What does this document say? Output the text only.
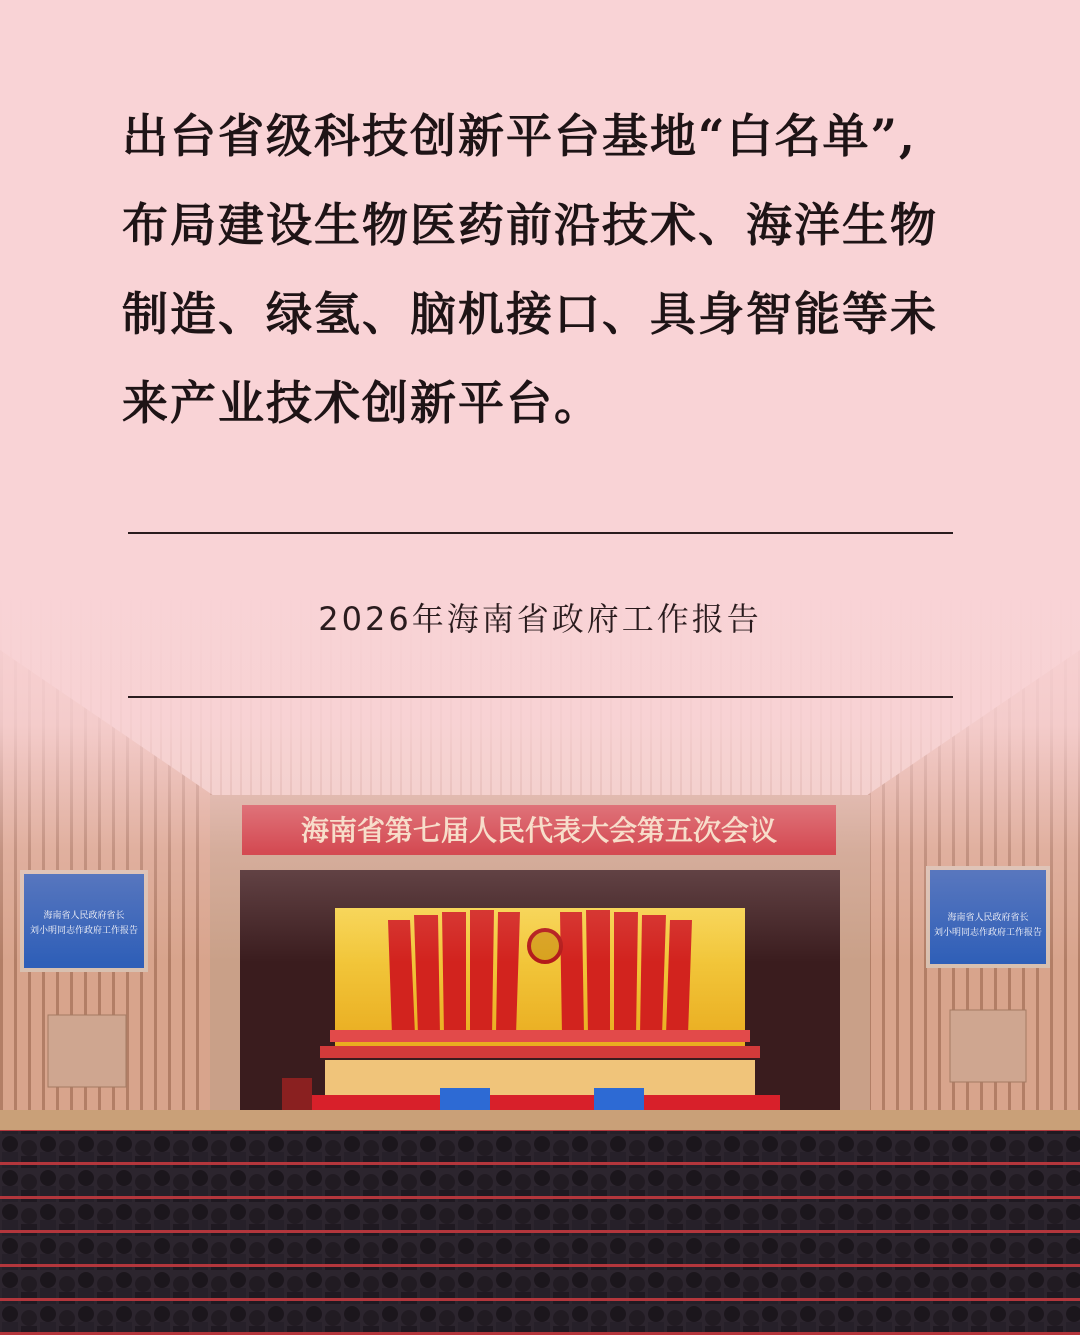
出台省级科技创新平台基地“白名单”,
布局建设生物医药前沿技术、海洋生物
制造、绿氢、脑机接口、具身智能等未
来产业技术创新平台。
2026年海南省政府工作报告
